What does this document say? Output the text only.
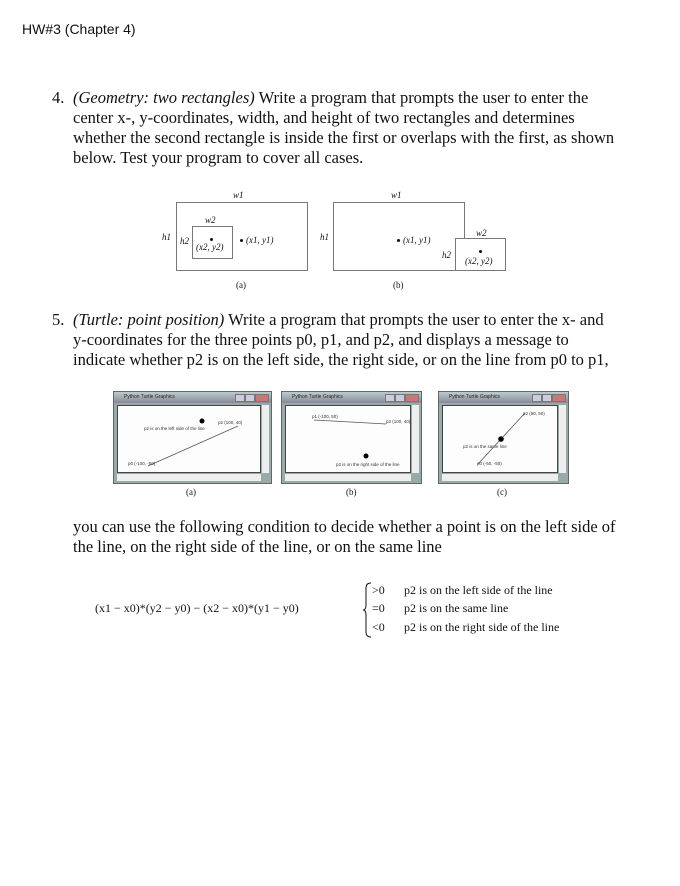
HW#3 (Chapter 4)
4. (Geometry: two rectangles) Write a program that prompts the user to enter the
center x-, y-coordinates, width, and height of two rectangles and determines
whether the second rectangle is inside the first or overlaps with the first, as shown
below. Test your program to cover all cases.
w1
h1
w2
h2
(x2, y2)
(x1, y1)
(a)
w1
h1	w2
h2
(x1, y1)
(x2, y2)
(b)
5. (Turtle: point position) Write a program that prompts the user to enter the x- and
y-coordinates for the three points p0, p1, and p2, and displays a message to
indicate whether p2 is on the left side, the right side, or on the line from p0 to p1,
Python Turtle Graphics
p2 (100, 40)
p2 is on the left side of the line
p0 (-100, -50)
(a)
Python Turtle Graphics
p1 (-100, 50)
p2 (100, 40)
p2 is on the right side of the line
(b)
Python Turtle Graphics
p2 (50, 50)
p2 is on the same line
p0 (-50, -50)
(c)
you can use the following condition to decide whether a point is on the left side of
the line, on the right side of the line, or on the same line
(x1 − x0)*(y2 − y0) − (x2 − x0)*(y1 − y0)
>0 p2 is on the left side of the line
=0 p2 is on the same line
<0 p2 is on the right side of the line
